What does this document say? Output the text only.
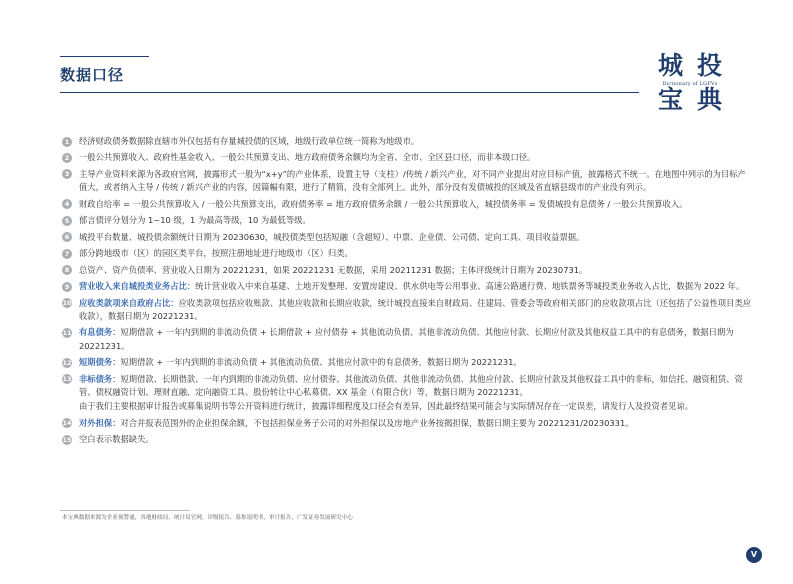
数据口径	城 投
Dictionary of LGFVs
宝 典
1	经济财政债务数据除直辖市外仅包括有存量城投债的区域，地级行政单位统一简称为地级市。
2	一般公共预算收入、政府性基金收入、一般公共预算支出、地方政府债务余额均为全省、全市、全区县口径，而非本级口径。
3	主导产业资料来源为各政府官网，披露形式一般为“x+y”的产业体系，设置主导（支柱）/传统 / 新兴产业，对不同产业提出对应目标产值，披露格式不统一。在地图中列示的为目标产值大，或者纳入主导 / 传统 / 新兴产业的内容，因篇幅有限，进行了精简，没有全部列上。此外，部分没有发债城投的区域及省直辖县级市的产业没有列示。
4	财政自给率 = 一般公共预算收入 / 一般公共预算支出，政府债务率 = 地方政府债务余额 / 一般公共预算收入，城投债务率 = 发债城投有息债务 / 一般公共预算收入。
5	郁言债评分划分为 1~10 级，1 为最高等级，10 为最低等级。
6	城投平台数量、城投债余额统计日期为 20230630，城投债类型包括短融（含超短）、中票、企业债、公司债、定向工具、项目收益票据。
7	部分跨地级市（区）的园区类平台，按照注册地址进行地级市（区）归类。
8	总资产、资产负债率、营业收入日期为 20221231，如果 20221231 无数据，采用 20211231 数据；主体评级统计日期为 20230731。
9	营业收入来自城投类业务占比：统计营业收入中来自基建、土地开发整理、安置房建设、供水供电等公用事业、高速公路通行费、地铁票务等城投类业务收入占比，数据为 2022 年。
10 应收类款项来自政府占比：应收类款项包括应收账款、其他应收款和长期应收款，统计城投直接来自财政局、住建局、管委会等政府相关部门的应收款项占比（还包括了公益性项目类应收款），数据日期为 20221231。
11 有息债务：短期借款 + 一年内到期的非流动负债 + 长期借款 + 应付债券 + 其他流动负债、其他非流动负债、其他应付款、长期应付款及其他权益工具中的有息债务，数据日期为 20221231。
12 短期债务：短期借款 + 一年内到期的非流动负债 + 其他流动负债、其他应付款中的有息债务，数据日期为 20221231。
13 非标债务：短期借款、长期借款、一年内到期的非流动负债、应付债券、其他流动负债、其他非流动负债、其他应付款、长期应付款及其他权益工具中的非标，如信托、融资租赁、资管、债权融资计划、理财直融、定向融资工具、股份转让中心私募债、XX 基金（有限合伙）等，数据日期为 20221231。
由于我们主要根据审计报告或募集说明书等公开资料进行统计，披露详细程度及口径会有差异，因此最终结果可能会与实际情况存在一定误差，请发行人及投资者见谅。
14 对外担保：对合并报表范围外的企业担保余额，不包括担保业务子公司的对外担保以及房地产业务按揭担保，数据日期主要为 20221231/20230331。
15 空白表示数据缺失。
本宝典数据来源为企业预警通，各地财政局、统计局官网，评级报告，募集说明书，审计报告，广发证券发展研究中心
V
